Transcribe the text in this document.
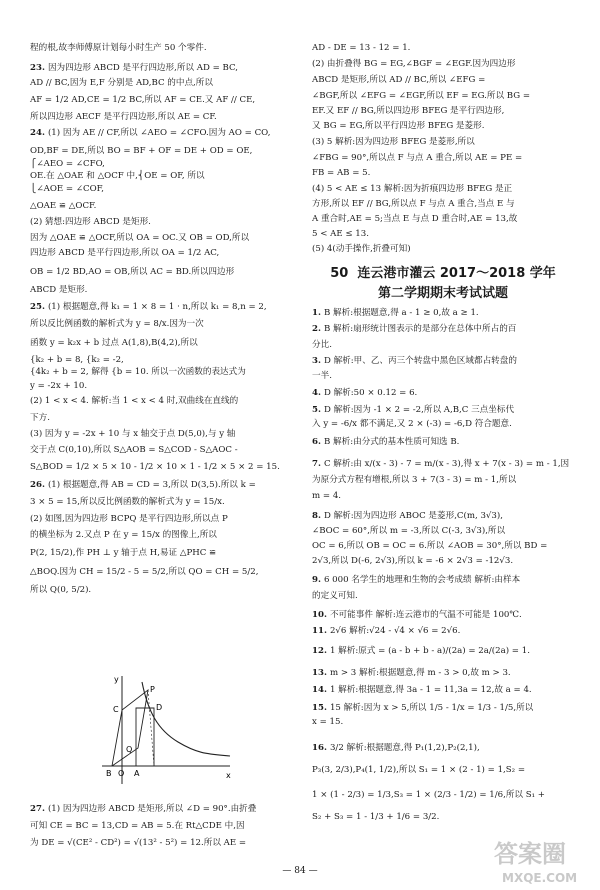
程的根,故李师傅原计划每小时生产 50 个零件.
23. 因为四边形 ABCD 是平行四边形,所以 AD = BC,
AD // BC,因为 E,F 分别是 AD,BC 的中点,所以
AF = 1/2 AD,CE = 1/2 BC,所以 AF = CE.又 AF // CE,
所以四边形 AECF 是平行四边形,所以 AE = CF.
24. (1) 因为 AE // CF,所以 ∠AEO = ∠CFO.因为 AO = CO,
OD,BF = DE,所以 BO = BF + OF = DE + OD = OE,
⎧∠AEO = ∠CFO,
OE.在 △OAE 和 △OCF 中,⎨OE = OF, 所以
⎩∠AOE = ∠COF,
△OAE ≌ △OCF.
(2) 猜想:四边形 ABCD 是矩形.
因为 △OAE ≌ △OCF,所以 OA = OC.又 OB = OD,所以
四边形 ABCD 是平行四边形,所以 OA = 1/2 AC,
OB = 1/2 BD,AO = OB,所以 AC = BD.所以四边形
ABCD 是矩形.
25. (1) 根据题意,得 k₁ = 1 × 8 = 1 · n,所以 k₁ = 8,n = 2,
所以反比例函数的解析式为 y = 8/x.因为一次
函数 y = k₂x + b 过点 A(1,8),B(4,2),所以
{k₂ + b = 8, {k₂ = -2,
{4k₂ + b = 2, 解得 {b = 10. 所以一次函数的表达式为
y = -2x + 10.
(2) 1 < x < 4. 解析:当 1 < x < 4 时,双曲线在直线的
下方.
(3) 因为 y = -2x + 10 与 x 轴交于点 D(5,0),与 y 轴
交于点 C(0,10),所以 S△AOB = S△COD - S△AOC -
S△BOD = 1/2 × 5 × 10 - 1/2 × 10 × 1 - 1/2 × 5 × 2 = 15.
26. (1) 根据题意,得 AB = CD = 3,所以 D(3,5).所以 k =
3 × 5 = 15,所以反比例函数的解析式为 y = 15/x.
(2) 如图,因为四边形 BCPQ 是平行四边形,所以点 P
的横坐标为 2.又点 P 在 y = 15/x 的图像上,所以
P(2, 15/2),作 PH ⊥ y 轴于点 H,易证 △PHC ≌
△BOQ.因为 CH = 15/2 - 5 = 5/2,所以 QO = CH = 5/2,
所以 Q(0, 5/2).
27. (1) 因为四边形 ABCD 是矩形,所以 ∠D = 90°.由折叠
可知 CE = BC = 13,CD = AB = 5.在 Rt△CDE 中,因
为 DE = √(CE² - CD²) = √(13² - 5²) = 12.所以 AE =
50 连云港市灌云 2017～2018 学年
第二学期期末考试试题
AD - DE = 13 - 12 = 1.
(2) 由折叠得 BG = EG,∠BGF = ∠EGF.因为四边形
ABCD 是矩形,所以 AD // BC,所以 ∠EFG =
∠BGF,所以 ∠EFG = ∠EGF,所以 EF = EG.所以 BG =
EF.又 EF // BG,所以四边形 BFEG 是平行四边形,
又 BG = EG,所以平行四边形 BFEG 是菱形.
(3) 5 解析:因为四边形 BFEG 是菱形,所以
∠FBG = 90°,所以点 F 与点 A 重合,所以 AE = PE =
FB = AB = 5.
(4) 5 < AE ≤ 13 解析:因为折痕四边形 BFEG 是正
方形,所以 EF // BG,所以点 F 与点 A 重合,当点 E 与
A 重合时,AE = 5;当点 E 与点 D 重合时,AE = 13,故
5 < AE ≤ 13.
(5) 4(动手操作,折叠可知)
1. B 解析:根据题意,得 a - 1 ≥ 0,故 a ≥ 1.
2. B 解析:扇形统计图表示的是部分在总体中所占的百
分比.
3. D 解析:甲、乙、丙三个转盘中黑色区域都占转盘的
一半.
4. D 解析:50 × 0.12 = 6.
5. D 解析:因为 -1 × 2 = -2,所以 A,B,C 三点坐标代
入 y = -6/x 都不满足,又 2 × (-3) = -6,D 符合题意.
6. B 解析:由分式的基本性质可知选 B.
7. C 解析:由 x/(x - 3) - 7 = m/(x - 3),得 x + 7(x - 3) = m - 1,因
为原分式方程有增根,所以 3 + 7(3 - 3) = m - 1,所以
m = 4.
8. D 解析:因为四边形 ABOC 是菱形,C(m, 3√3),
∠BOC = 60°,所以 m = -3,所以 C(-3, 3√3),所以
OC = 6,所以 OB = OC = 6.所以 ∠AOB = 30°,所以 BD =
2√3,所以 D(-6, 2√3),所以 k = -6 × 2√3 = -12√3.
9. 6 000 名学生的地理和生物的会考成绩 解析:由样本
的定义可知.
10. 不可能事件 解析:连云港市的气温不可能是 100℃.
11. 2√6 解析:√24 - √4 × √6 = 2√6.
12. 1 解析:原式 = (a - b + b - a)/(2a) = 2a/(2a) = 1.
13. m > 3 解析:根据题意,得 m - 3 > 0,故 m > 3.
14. 1 解析:根据题意,得 3a - 1 = 11,3a = 12,故 a = 4.
15. 15 解析:因为 x > 5,所以 1/5 - 1/x = 1/3 - 1/5,所以
x = 15.
16. 3/2 解析:根据题意,得 P₁(1,2),P₂(2,1),
P₃(3, 2/3),P₄(1, 1/2),所以 S₁ = 1 × (2 - 1) = 1,S₂ =
1 × (1 - 2/3) = 1/3,S₃ = 1 × (2/3 - 1/2) = 1/6,所以 S₁ +
S₂ + S₃ = 1 - 1/3 + 1/6 = 3/2.
y
x
P
C	D
Q
B O A
— 84 —
答案圈
MXQE.COM
